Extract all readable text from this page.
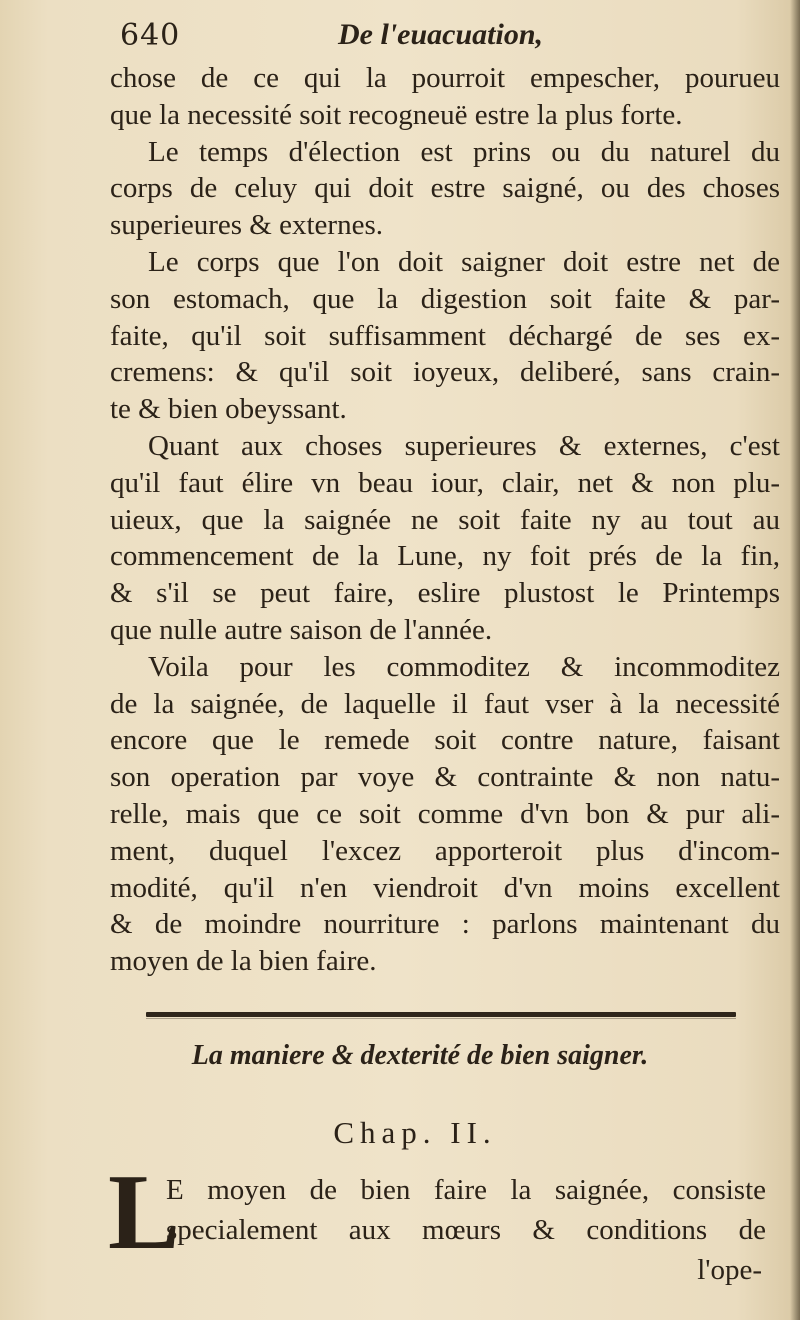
640	De l'euacuation,
chose de ce qui la pourroit empescher, pourueu
que la necessité soit recogneuë estre la plus forte.
Le temps d'élection est prins ou du naturel du
corps de celuy qui doit estre saigné, ou des choses
superieures & externes.
Le corps que l'on doit saigner doit estre net de
son estomach, que la digestion soit faite & par-
faite, qu'il soit suffisamment déchargé de ses ex-
cremens: & qu'il soit ioyeux, deliberé, sans crain-
te & bien obeyssant.
Quant aux choses superieures & externes, c'est
qu'il faut élire vn beau iour, clair, net & non plu-
uieux, que la saignée ne soit faite ny au tout au
commencement de la Lune, ny foit prés de la fin,
& s'il se peut faire, eslire plustost le Printemps
que nulle autre saison de l'année.
Voila pour les commoditez & incommoditez
de la saignée, de laquelle il faut vser à la necessité
encore que le remede soit contre nature, faisant
son operation par voye & contrainte & non natu-
relle, mais que ce soit comme d'vn bon & pur ali-
ment, duquel l'excez apporteroit plus d'incom-
modité, qu'il n'en viendroit d'vn moins excellent
& de moindre nourriture : parlons maintenant du
moyen de la bien faire.
La maniere & dexterité de bien saigner.
Chap. II.
L
E moyen de bien faire la saignée, consiste
specialement aux mœurs & conditions de
l'ope-
